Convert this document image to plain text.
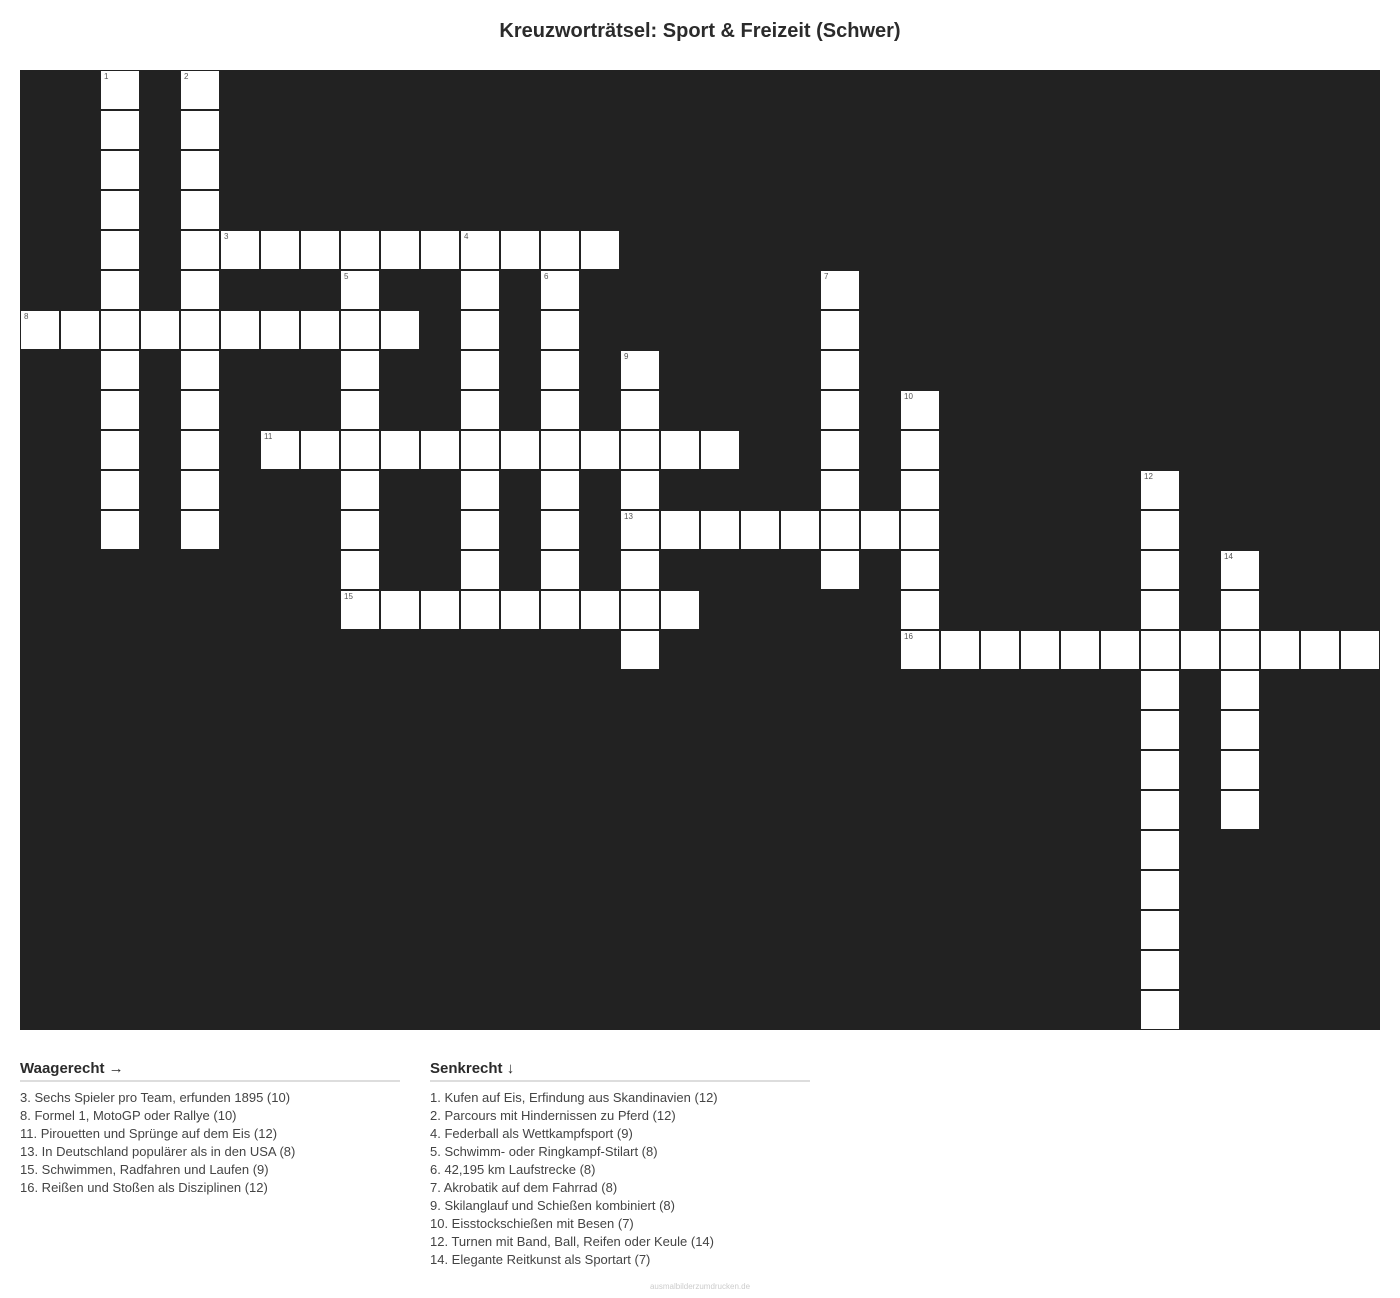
Kreuzworträtsel: Sport & Freizeit (Schwer)
1	2
3	4
5	6	7
8
9
13
10
16
11
12
14
15
Waagerecht →
3. Sechs Spieler pro Team, erfunden 1895 (10)
8. Formel 1, MotoGP oder Rallye (10)
11. Pirouetten und Sprünge auf dem Eis (12)
13. In Deutschland populärer als in den USA (8)
15. Schwimmen, Radfahren und Laufen (9)
16. Reißen und Stoßen als Disziplinen (12)
Senkrecht ↓
1. Kufen auf Eis, Erfindung aus Skandinavien (12)
2. Parcours mit Hindernissen zu Pferd (12)
4. Federball als Wettkampfsport (9)
5. Schwimm- oder Ringkampf-Stilart (8)
6. 42,195 km Laufstrecke (8)
7. Akrobatik auf dem Fahrrad (8)
9. Skilanglauf und Schießen kombiniert (8)
10. Eisstockschießen mit Besen (7)
12. Turnen mit Band, Ball, Reifen oder Keule (14)
14. Elegante Reitkunst als Sportart (7)
ausmalbilderzumdrucken.de
